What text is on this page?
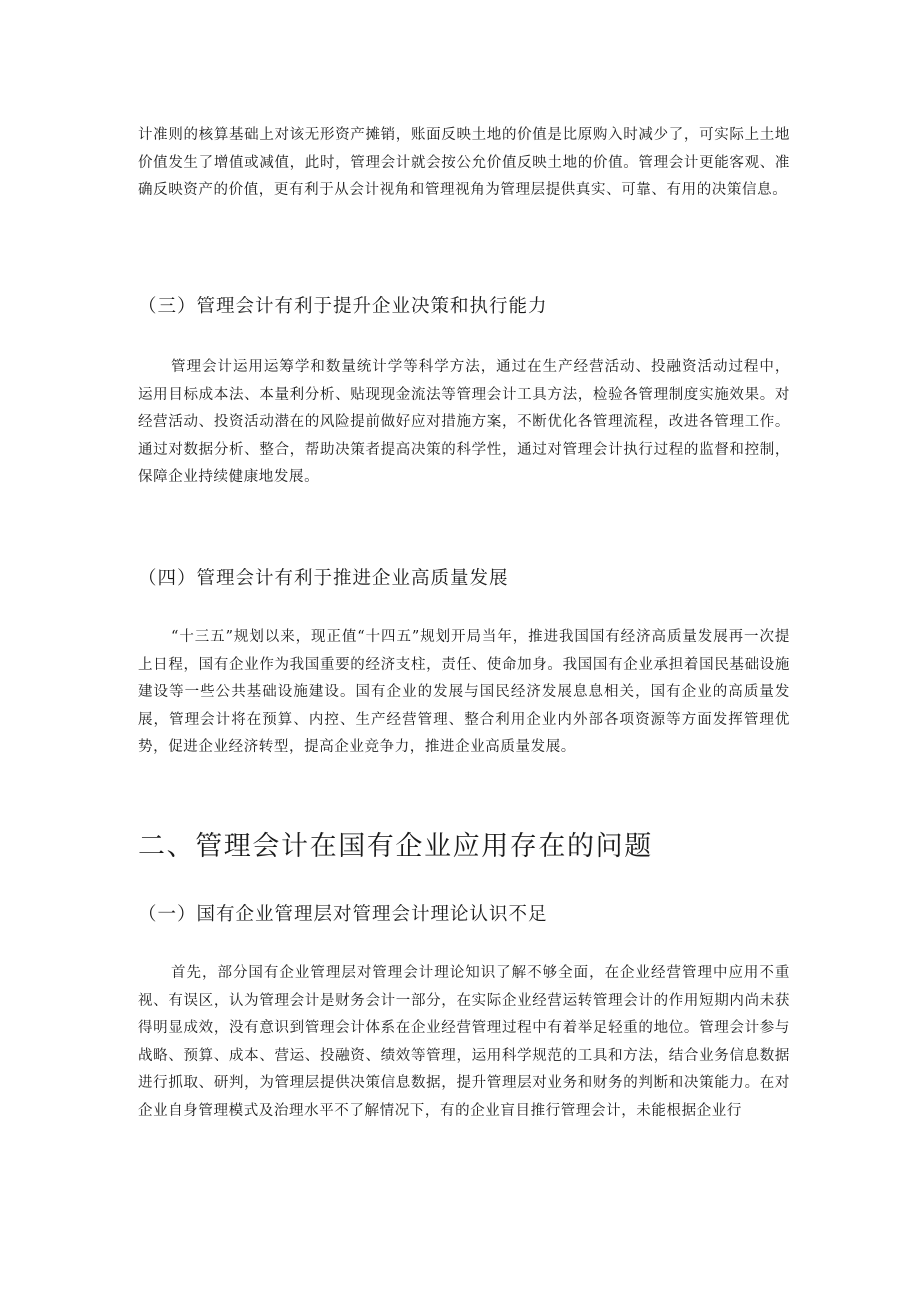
计准则的核算基础上对该无形资产摊销，账面反映土地的价值是比原购入时减少了，可实际上土地价值发生了增值或减值，此时，管理会计就会按公允价值反映土地的价值。管理会计更能客观、准确反映资产的价值，更有利于从会计视角和管理视角为管理层提供真实、可靠、有用的决策信息。

（三）管理会计有利于提升企业决策和执行能力

管理会计运用运筹学和数量统计学等科学方法，通过在生产经营活动、投融资活动过程中，运用目标成本法、本量利分析、贴现现金流法等管理会计工具方法，检验各管理制度实施效果。对经营活动、投资活动潜在的风险提前做好应对措施方案，不断优化各管理流程，改进各管理工作。通过对数据分析、整合，帮助决策者提高决策的科学性，通过对管理会计执行过程的监督和控制，保障企业持续健康地发展。

（四）管理会计有利于推进企业高质量发展

“十三五”规划以来，现正值“十四五”规划开局当年，推进我国国有经济高质量发展再一次提上日程，国有企业作为我国重要的经济支柱，责任、使命加身。我国国有企业承担着国民基础设施建设等一些公共基础设施建设。国有企业的发展与国民经济发展息息相关，国有企业的高质量发展，管理会计将在预算、内控、生产经营管理、整合利用企业内外部各项资源等方面发挥管理优势，促进企业经济转型，提高企业竞争力，推进企业高质量发展。

二、管理会计在国有企业应用存在的问题
（一）国有企业管理层对管理会计理论认识不足

首先，部分国有企业管理层对管理会计理论知识了解不够全面，在企业经营管理中应用不重视、有误区，认为管理会计是财务会计一部分，在实际企业经营运转管理会计的作用短期内尚未获得明显成效，没有意识到管理会计体系在企业经营管理过程中有着举足轻重的地位。管理会计参与战略、预算、成本、营运、投融资、绩效等管理，运用科学规范的工具和方法，结合业务信息数据进行抓取、研判，为管理层提供决策信息数据，提升管理层对业务和财务的判断和决策能力。在对企业自身管理模式及治理水平不了解情况下，有的企业盲目推行管理会计，未能根据企业行
